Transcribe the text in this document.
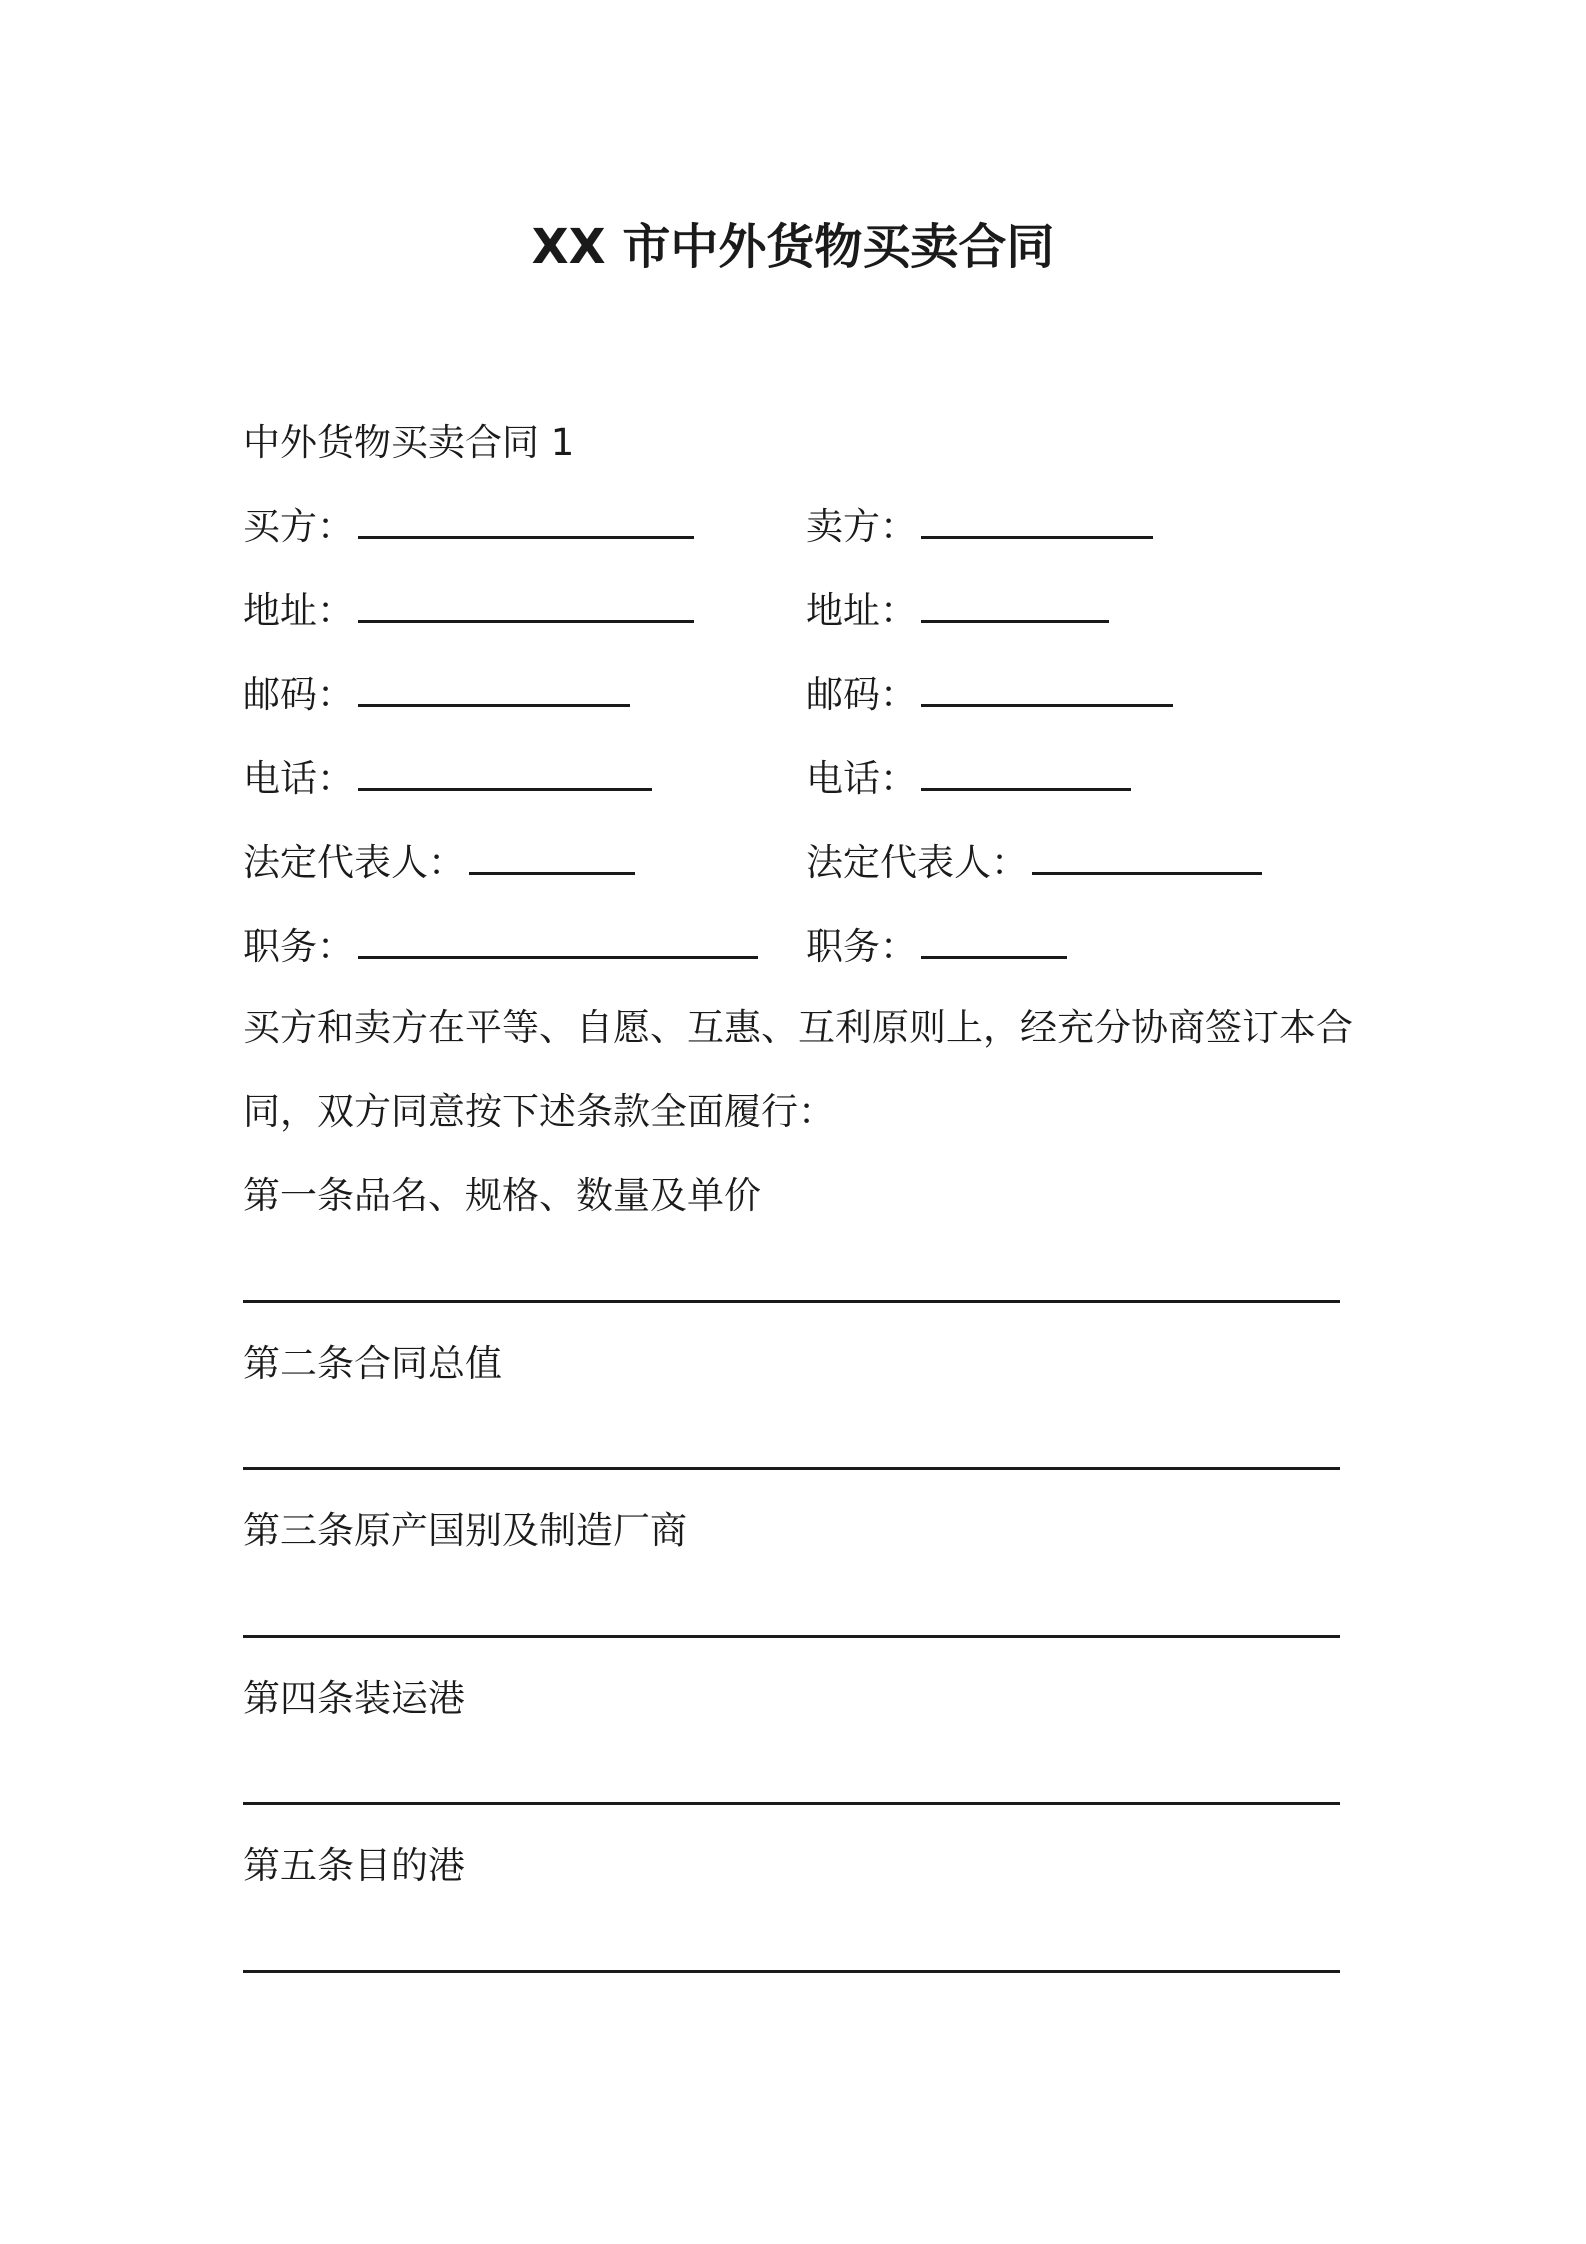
XX 市中外货物买卖合同
中外货物买卖合同 1
买方：	卖方：
地址：	地址：
邮码：	邮码：
电话：	电话：
法定代表人：	法定代表人：
职务：	职务：
买方和卖方在平等、自愿、互惠、互利原则上，经充分协商签订本合
同，双方同意按下述条款全面履行：
第一条品名、规格、数量及单价
第二条合同总值
第三条原产国别及制造厂商
第四条装运港
第五条目的港
